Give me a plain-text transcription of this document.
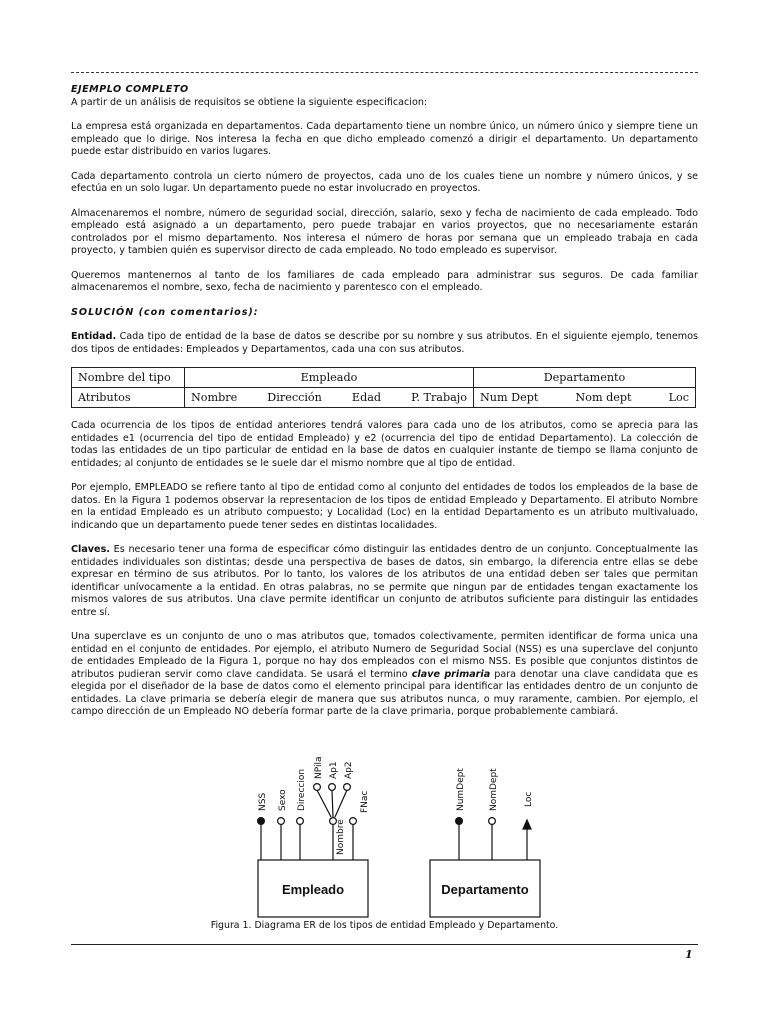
EJEMPLO COMPLETO

A partir de un análisis de requisitos se obtiene la siguiente especificacion:

La empresa está organizada en departamentos. Cada departamento tiene un nombre único, un número único y siempre tiene un empleado que lo dirige. Nos interesa la fecha en que dicho empleado comenzó a dirigir el departamento. Un departamento puede estar distribuido en varios lugares.

Cada departamento controla un cierto número de proyectos, cada uno de los cuales tiene un nombre y número únicos, y se efectúa en un solo lugar. Un departamento puede no estar involucrado en proyectos.

Almacenaremos el nombre, número de seguridad social, dirección, salario, sexo y fecha de nacimiento de cada empleado. Todo empleado está asignado a un departamento, pero puede trabajar en varios proyectos, que no necesariamente estarán controlados por el mismo departamento. Nos interesa el número de horas por semana que un empleado trabaja en cada proyecto, y tambien quién es supervisor directo de cada empleado. No todo empleado es supervisor.

Queremos mantenernos al tanto de los familiares de cada empleado para administrar sus seguros. De cada familiar almacenaremos el nombre, sexo, fecha de nacimiento y parentesco con el empleado.

SOLUCIÓN (con comentarios):

Entidad. Cada tipo de entidad de la base de datos se describe por su nombre y sus atributos. En el siguiente ejemplo, tenemos dos tipos de entidades: Empleados y Departamentos, cada una con sus atributos.

Nombre del tipo	Empleado	Departamento
Atributos	Nombre Dirección Edad P. Trabajo	Num Dept Nom dept Loc

Cada ocurrencia de los tipos de entidad anteriores tendrá valores para cada uno de los atributos, como se aprecia para las entidades e1 (ocurrencia del tipo de entidad Empleado) y e2 (ocurrencia del tipo de entidad Departamento). La colección de todas las entidades de un tipo particular de entidad en la base de datos en cualquier instante de tiempo se llama conjunto de entidades; al conjunto de entidades se le suele dar el mismo nombre que al tipo de entidad.

Por ejemplo, EMPLEADO se refiere tanto al tipo de entidad como al conjunto del entidades de todos los empleados de la base de datos. En la Figura 1 podemos observar la representacion de los tipos de entidad Empleado y Departamento. El atributo Nombre en la entidad Empleado es un atributo compuesto; y Localidad (Loc) en la entidad Departamento es un atributo multivaluado, indicando que un departamento puede tener sedes en distintas localidades.

Claves. Es necesario tener una forma de especificar cómo distinguir las entidades dentro de un conjunto. Conceptualmente las entidades individuales son distintas; desde una perspectiva de bases de datos, sin embargo, la diferencia entre ellas se debe expresar en término de sus atributos. Por lo tanto, los valores de los atributos de una entidad deben ser tales que permitan identificar unívocamente a la entidad. En otras palabras, no se permite que ningun par de entidades tengan exactamente los mismos valores de sus atributos. Una clave permite identificar un conjunto de atributos suficiente para distinguir las entidades entre sí.

Una superclave es un conjunto de uno o mas atributos que, tomados colectivamente, permiten identificar de forma unica una entidad en el conjunto de entidades. Por ejemplo, el atributo Numero de Seguridad Social (NSS) es una superclave del conjunto de entidades Empleado de la Figura 1, porque no hay dos empleados con el mismo NSS. Es posible que conjuntos distintos de atributos pudieran servir como clave candidata. Se usará el termino clave primaria para denotar una clave candidata que es elegida por el diseñador de la base de datos como el elemento principal para identificar las entidades dentro de un conjunto de entidades. La clave primaria se debería elegir de manera que sus atributos nunca, o muy raramente, cambien. Por ejemplo, el campo dirección de un Empleado NO debería formar parte de la clave primaria, porque probablemente cambiará.

NSS Sexo Direccion
NPila Ap1 Ap2
Nombre
FNac	NumDept	NomDept	Loc
Empleado	Departamento
Figura 1. Diagrama ER de los tipos de entidad Empleado y Departamento.
1
